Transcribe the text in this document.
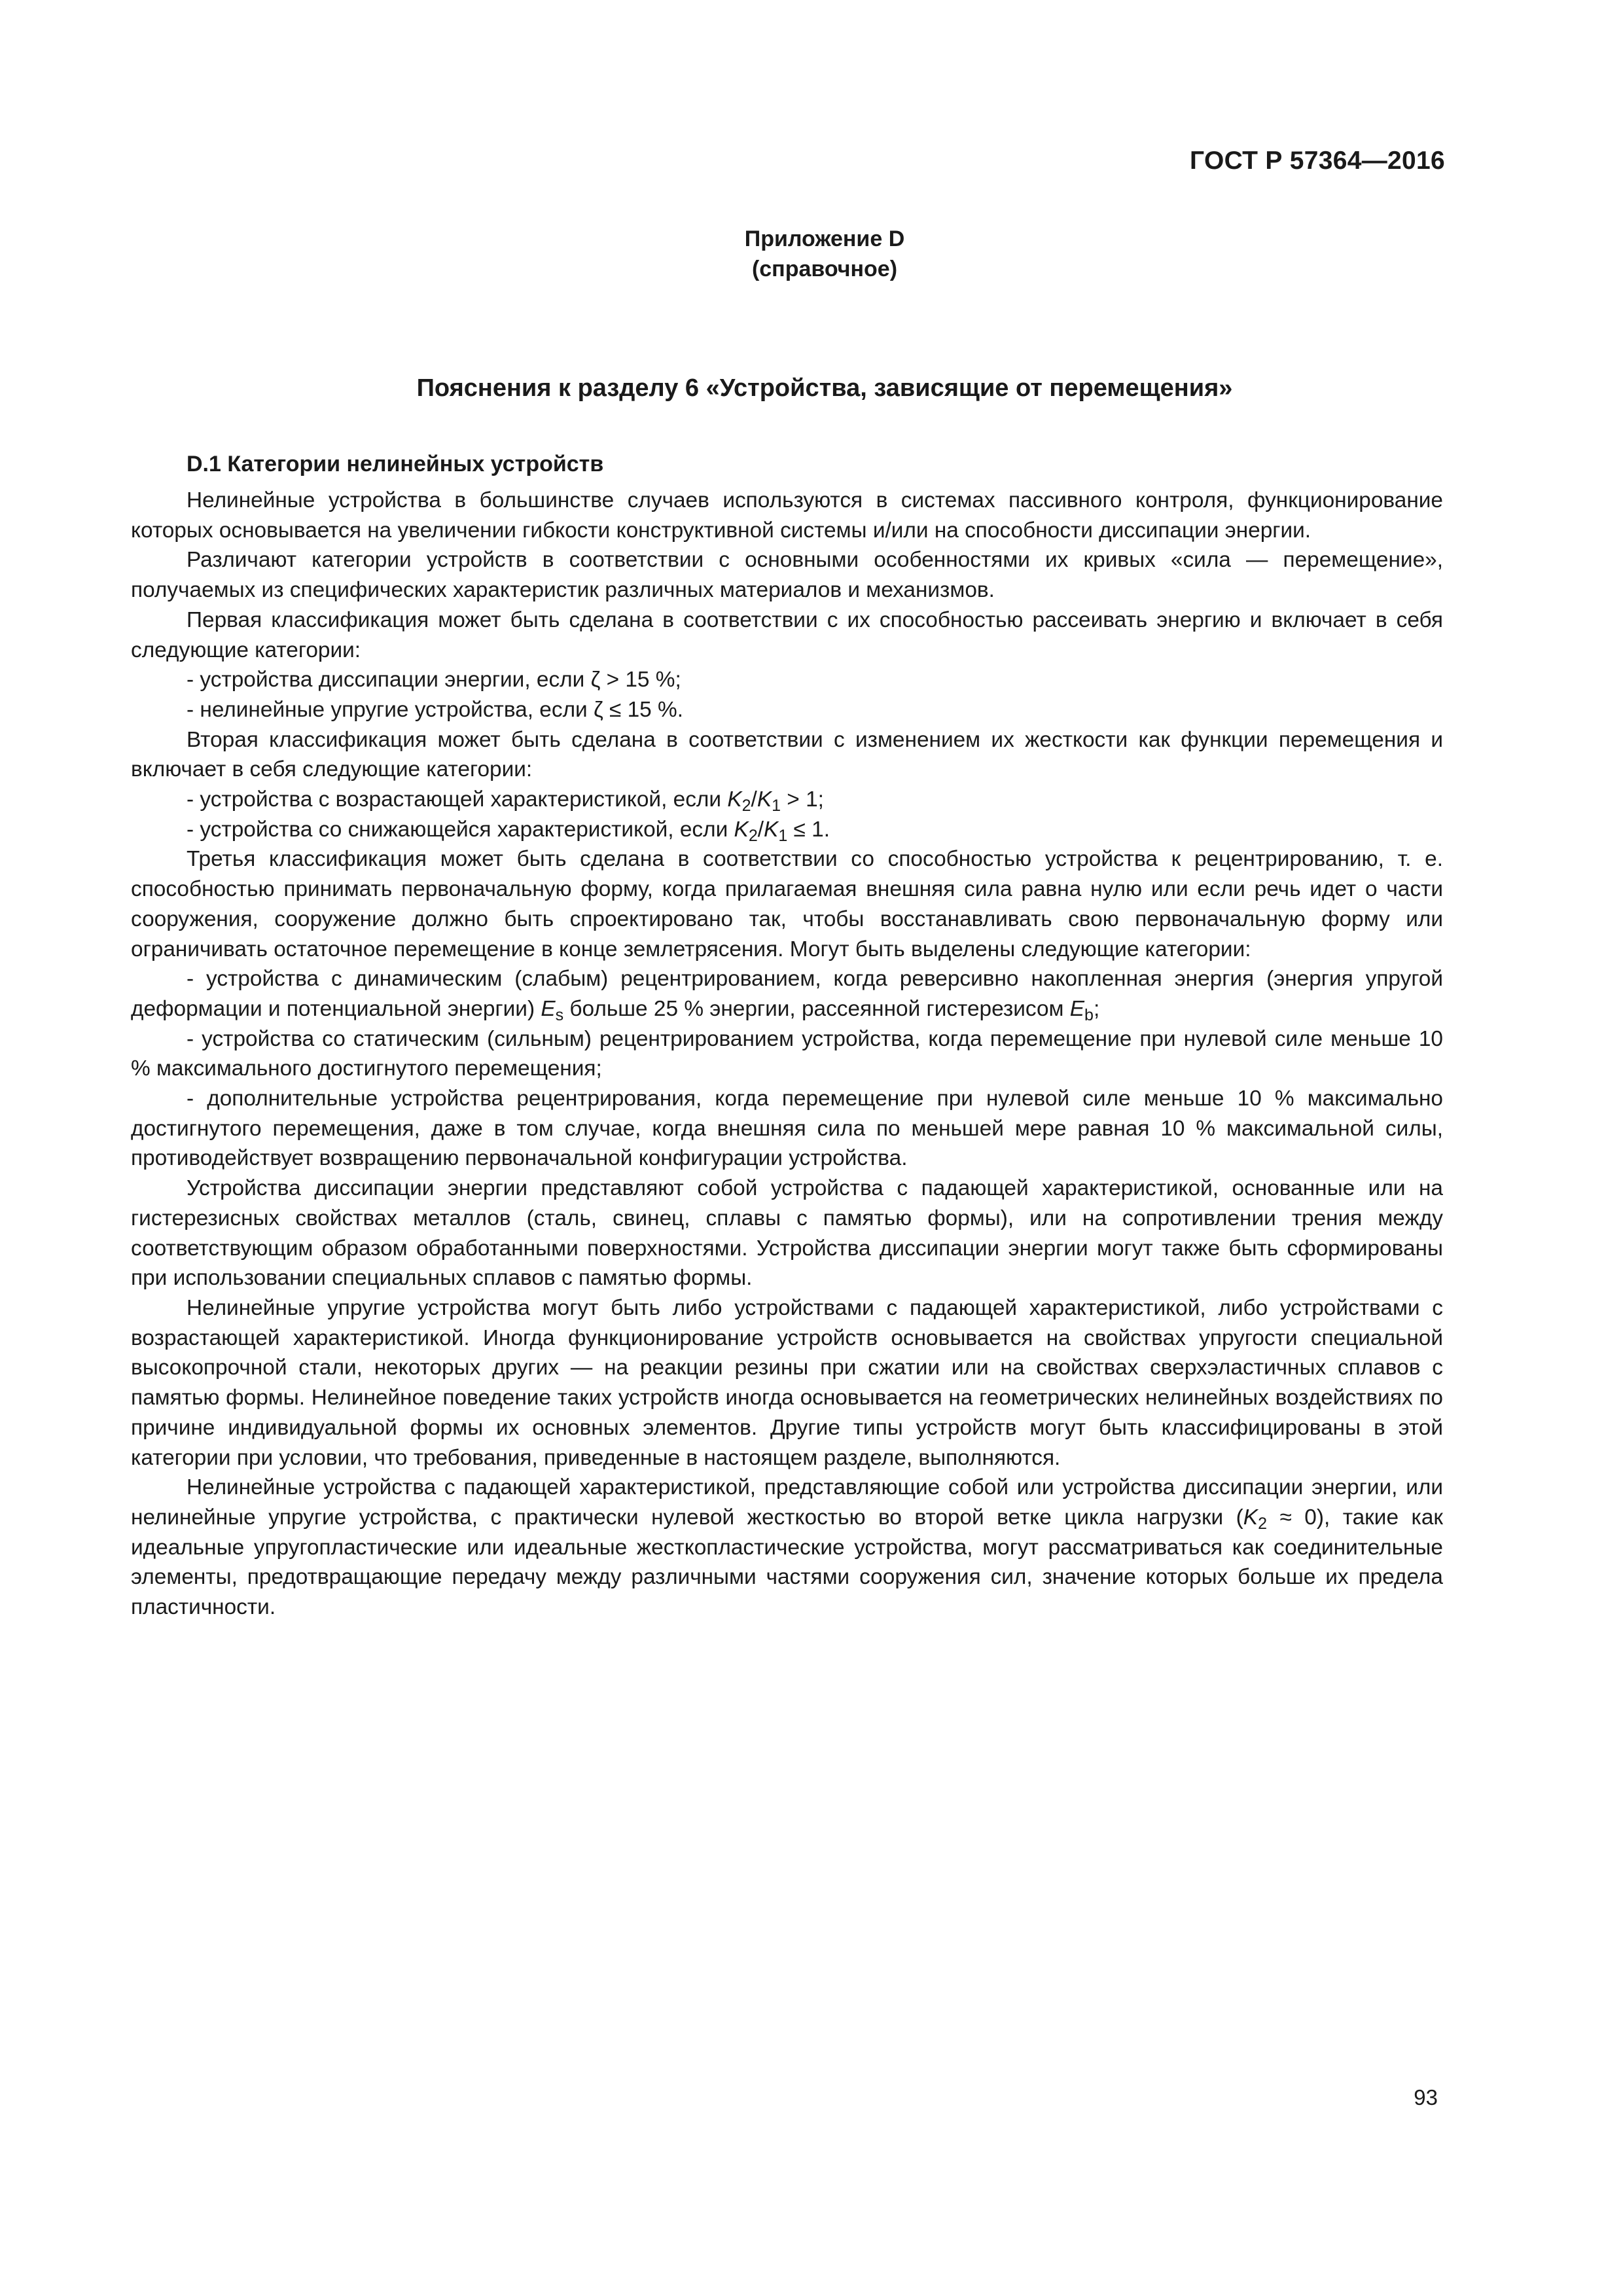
ГОСТ Р 57364—2016
Приложение D
(справочное)
Пояснения к разделу 6 «Устройства, зависящие от перемещения»
D.1 Категории нелинейных устройств

Нелинейные устройства в большинстве случаев используются в системах пассивного контроля, функционирование которых основывается на увеличении гибкости конструктивной системы и/или на способности диссипации энергии.

Различают категории устройств в соответствии с основными особенностями их кривых «сила — перемещение», получаемых из специфических характеристик различных материалов и механизмов.

Первая классификация может быть сделана в соответствии с их способностью рассеивать энергию и включает в себя следующие категории:

- устройства диссипации энергии, если ζ > 15 %;

- нелинейные упругие устройства, если ζ ≤ 15 %.

Вторая классификация может быть сделана в соответствии с изменением их жесткости как функции перемещения и включает в себя следующие категории:

- устройства с возрастающей характеристикой, если $K_2/K_1 > 1$;

- устройства со снижающейся характеристикой, если $K_2/K_1 \le 1$.

Третья классификация может быть сделана в соответствии со способностью устройства к рецентрированию, т. е. способностью принимать первоначальную форму, когда прилагаемая внешняя сила равна нулю или если речь идет о части сооружения, сооружение должно быть спроектировано так, чтобы восстанавливать свою первоначальную форму или ограничивать остаточное перемещение в конце землетрясения. Могут быть выделены следующие категории:

- устройства с динамическим (слабым) рецентрированием, когда реверсивно накопленная энергия (энергия упругой деформации и потенциальной энергии) $E_s$ больше 25 % энергии, рассеянной гистерезисом $E_b$;

- устройства со статическим (сильным) рецентрированием устройства, когда перемещение при нулевой силе меньше 10 % максимального достигнутого перемещения;

- дополнительные устройства рецентрирования, когда перемещение при нулевой силе меньше 10 % максимально достигнутого перемещения, даже в том случае, когда внешняя сила по меньшей мере равная 10 % максимальной силы, противодействует возвращению первоначальной конфигурации устройства.

Устройства диссипации энергии представляют собой устройства с падающей характеристикой, основанные или на гистерезисных свойствах металлов (сталь, свинец, сплавы с памятью формы), или на сопротивлении трения между соответствующим образом обработанными поверхностями. Устройства диссипации энергии могут также быть сформированы при использовании специальных сплавов с памятью формы.

Нелинейные упругие устройства могут быть либо устройствами с падающей характеристикой, либо устройствами с возрастающей характеристикой. Иногда функционирование устройств основывается на свойствах упругости специальной высокопрочной стали, некоторых других — на реакции резины при сжатии или на свойствах сверхэластичных сплавов с памятью формы. Нелинейное поведение таких устройств иногда основывается на геометрических нелинейных воздействиях по причине индивидуальной формы их основных элементов. Другие типы устройств могут быть классифицированы в этой категории при условии, что требования, приведенные в настоящем разделе, выполняются.

Нелинейные устройства с падающей характеристикой, представляющие собой или устройства диссипации энергии, или нелинейные упругие устройства, с практически нулевой жесткостью во второй ветке цикла нагрузки $(K_2 \approx 0)$, такие как идеальные упругопластические или идеальные жесткопластические устройства, могут рассматриваться как соединительные элементы, предотвращающие передачу между различными частями сооружения сил, значение которых больше их предела пластичности.

93
